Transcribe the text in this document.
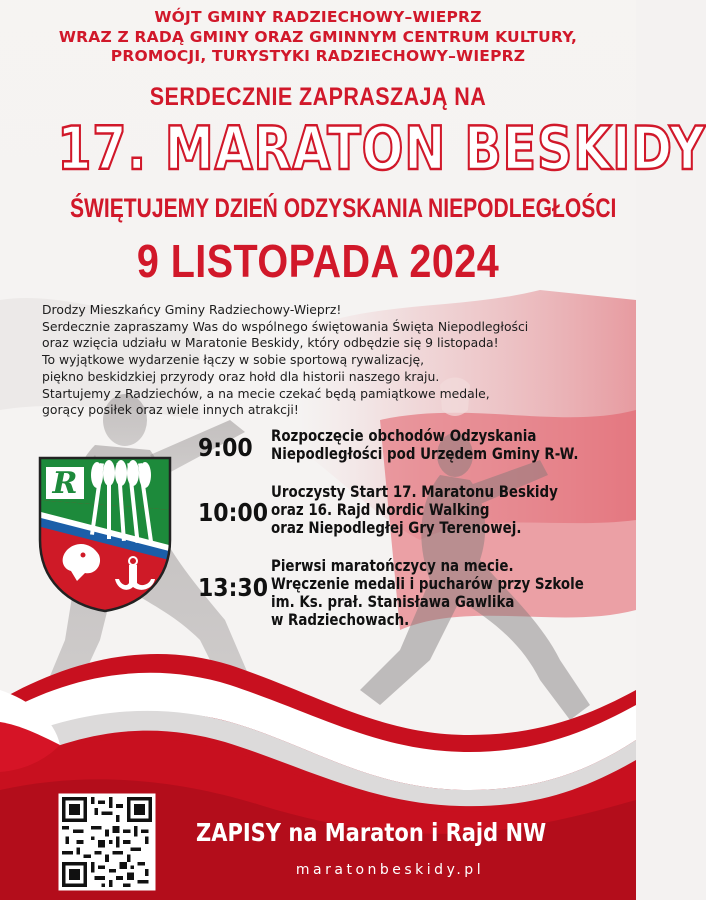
WÓJT GMINY RADZIECHOWY–WIEPRZ
WRAZ Z RADĄ GMINY ORAZ GMINNYM CENTRUM KULTURY,
PROMOCJI, TURYSTYKI RADZIECHOWY–WIEPRZ
SERDECZNIE ZAPRASZAJĄ NA
17. MARATON BESKIDY
ŚWIĘTUJEMY DZIEŃ ODZYSKANIA NIEPODLEGŁOŚCI
9 LISTOPADA 2024
Drodzy Mieszkańcy Gminy Radziechowy-Wieprz!
Serdecznie zapraszamy Was do wspólnego świętowania Święta Niepodległości
oraz wzięcia udziału w Maratonie Beskidy, który odbędzie się 9 listopada!
To wyjątkowe wydarzenie łączy w sobie sportową rywalizację,
piękno beskidzkiej przyrody oraz hołd dla historii naszego kraju.
Startujemy z Radziechów, a na mecie czekać będą pamiątkowe medale,
gorący posiłek oraz wiele innych atrakcji!
R
9:00 Rozpoczęcie obchodów Odzyskania
Niepodległości pod Urzędem Gminy R-W.
10:00
Uroczysty Start 17. Maratonu Beskidy
oraz 16. Rajd Nordic Walking
oraz Niepodległej Gry Terenowej.
13:30
Pierwsi maratończycy na mecie.
Wręczenie medali i pucharów przy Szkole
im. Ks. prał. Stanisława Gawlika
w Radziechowach.
ZAPISY na Maraton i Rajd NW
maratonbeskidy.pl
